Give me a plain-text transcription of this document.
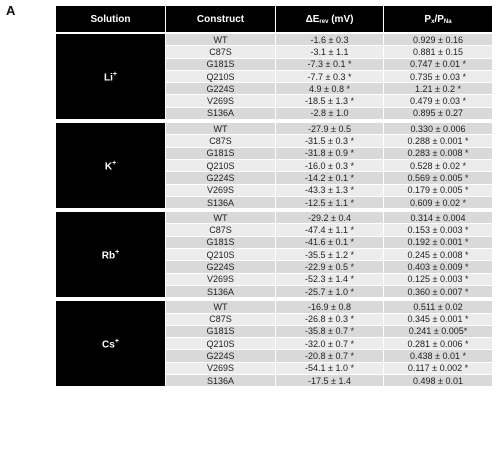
A
Solution	Construct	$\Delta E_{rev}$ (mV)	$P_x/P_{Na}$
Li+	WT	-1.6 ± 0.3	0.929 ± 0.16
	C87S	-3.1 ± 1.1	0.881 ± 0.15
	G181S	-7.3 ± 0.1 *	0.747 ± 0.01 *
	Q210S	-7.7 ± 0.3 *	0.735 ± 0.03 *
	G224S	4.9 ± 0.8 *	1.21 ± 0.2 *
	V269S	-18.5 ± 1.3 *	0.479 ± 0.03 *
	S136A	-2.8 ± 1.0	0.895 ± 0.27
K+	WT	-27.9 ± 0.5	0.330 ± 0.006
	C87S	-31.5 ± 0.3 *	0.288 ± 0.001 *
	G181S	-31.8 ± 0.9 *	0.283 ± 0.008 *
	Q210S	-16.0 ± 0.3 *	0.528 ± 0.02 *
	G224S	-14.2 ± 0.1 *	0.569 ± 0.005 *
	V269S	-43.3 ± 1.3 *	0.179 ± 0.005 *
	S136A	-12.5 ± 1.1 *	0.609 ± 0.02 *
Rb+	WT	-29.2 ± 0.4	0.314 ± 0.004
	C87S	-47.4 ± 1.1 *	0.153 ± 0.003 *
	G181S	-41.6 ± 0.1 *	0.192 ± 0.001 *
	Q210S	-35.5 ± 1.2 *	0.245 ± 0.008 *
	G224S	-22.9 ± 0.5 *	0.403 ± 0.009 *
	V269S	-52.3 ± 1.4 *	0.125 ± 0.003 *
	S136A	-25.7 ± 1.0 *	0.360 ± 0.007 *
Cs+	WT	-16.9 ± 0.8	0.511 ± 0.02
	C87S	-26.8 ± 0.3 *	0.345 ± 0.001 *
	G181S	-35.8 ± 0.7 *	0.241 ± 0.005*
	Q210S	-32.0 ± 0.7 *	0.281 ± 0.006 *
	G224S	-20.8 ± 0.7 *	0.438 ± 0.01 *
	V269S	-54.1 ± 1.0 *	0.117 ± 0.002 *
	S136A	-17.5 ± 1.4	0.498 ± 0.01
